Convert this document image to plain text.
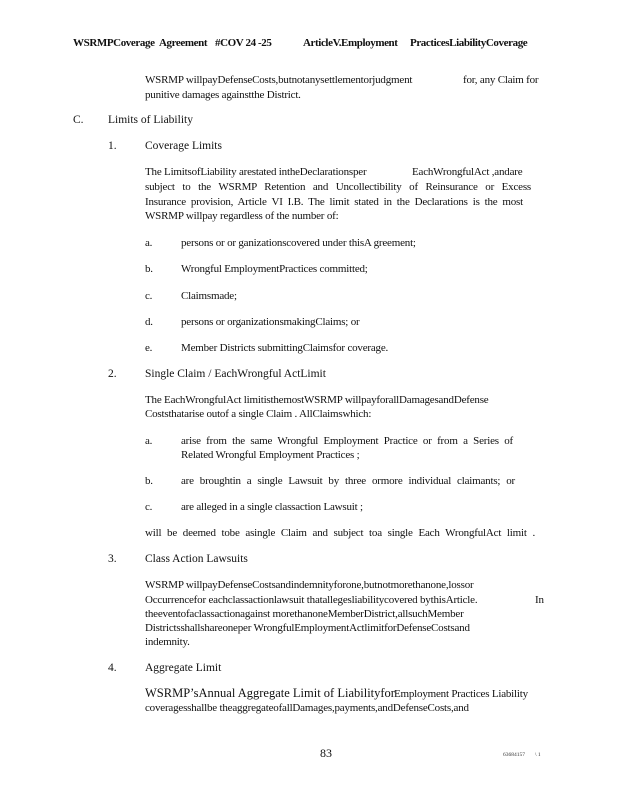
WSRMPCoverage Agreement #COV 24 -25	ArticleV.Employment PracticesLiabilityCoverage
WSRMP willpayDefenseCosts,butnotanysettlementorjudgment	for, any Claim for
punitive damages againstthe District.
C. Limits of Liability
1. Coverage Limits
The LimitsofLiability arestated intheDeclarationsper	EachWrongfulAct ,andare
subject to the WSRMP Retention and Uncollectibility of Reinsurance or Excess
Insurance provision, Article VI I.B. The limit stated in the Declarations is the most
WSRMP willpay regardless of the number of:
a.	persons or or ganizationscovered under thisA greement;
b.	Wrongful EmploymentPractices committed;
c.	Claimsmade;
d.	persons or organizationsmakingClaims; or
e.	Member Districts submittingClaimsfor coverage.
2. Single Claim / EachWrongful ActLimit
The EachWrongfulAct limitisthemostWSRMP willpayforallDamagesandDefense
Coststhatarise outof a single Claim . AllClaimswhich:
a.	arise from the same Wrongful Employment Practice or from a Series of
Related Wrongful Employment Practices ;
b.	are broughtin a single Lawsuit by three ormore individual claimants; or
c.	are alleged in a single classaction Lawsuit ;
will be deemed tobe asingle Claim and subject toa single Each WrongfulAct limit .
3. Class Action Lawsuits
WSRMP willpayDefenseCostsandindemnityforone,butnotmorethanone,lossor
Occurrencefor eachclassactionlawsuit thatallegesliabilitycovered bythisArticle.	In
theeventofaclassactionagainst morethanoneMemberDistrict,allsuchMember
Districtsshallshareoneper WrongfulEmploymentActlimitforDefenseCostsand
indemnity.
4. Aggregate Limit
WSRMP’sAnnual Aggregate Limit of Liabilityfor Employment Practices Liability
coveragesshallbe theaggregateofallDamages,payments,andDefenseCosts,and
83	63684157 \ 1
